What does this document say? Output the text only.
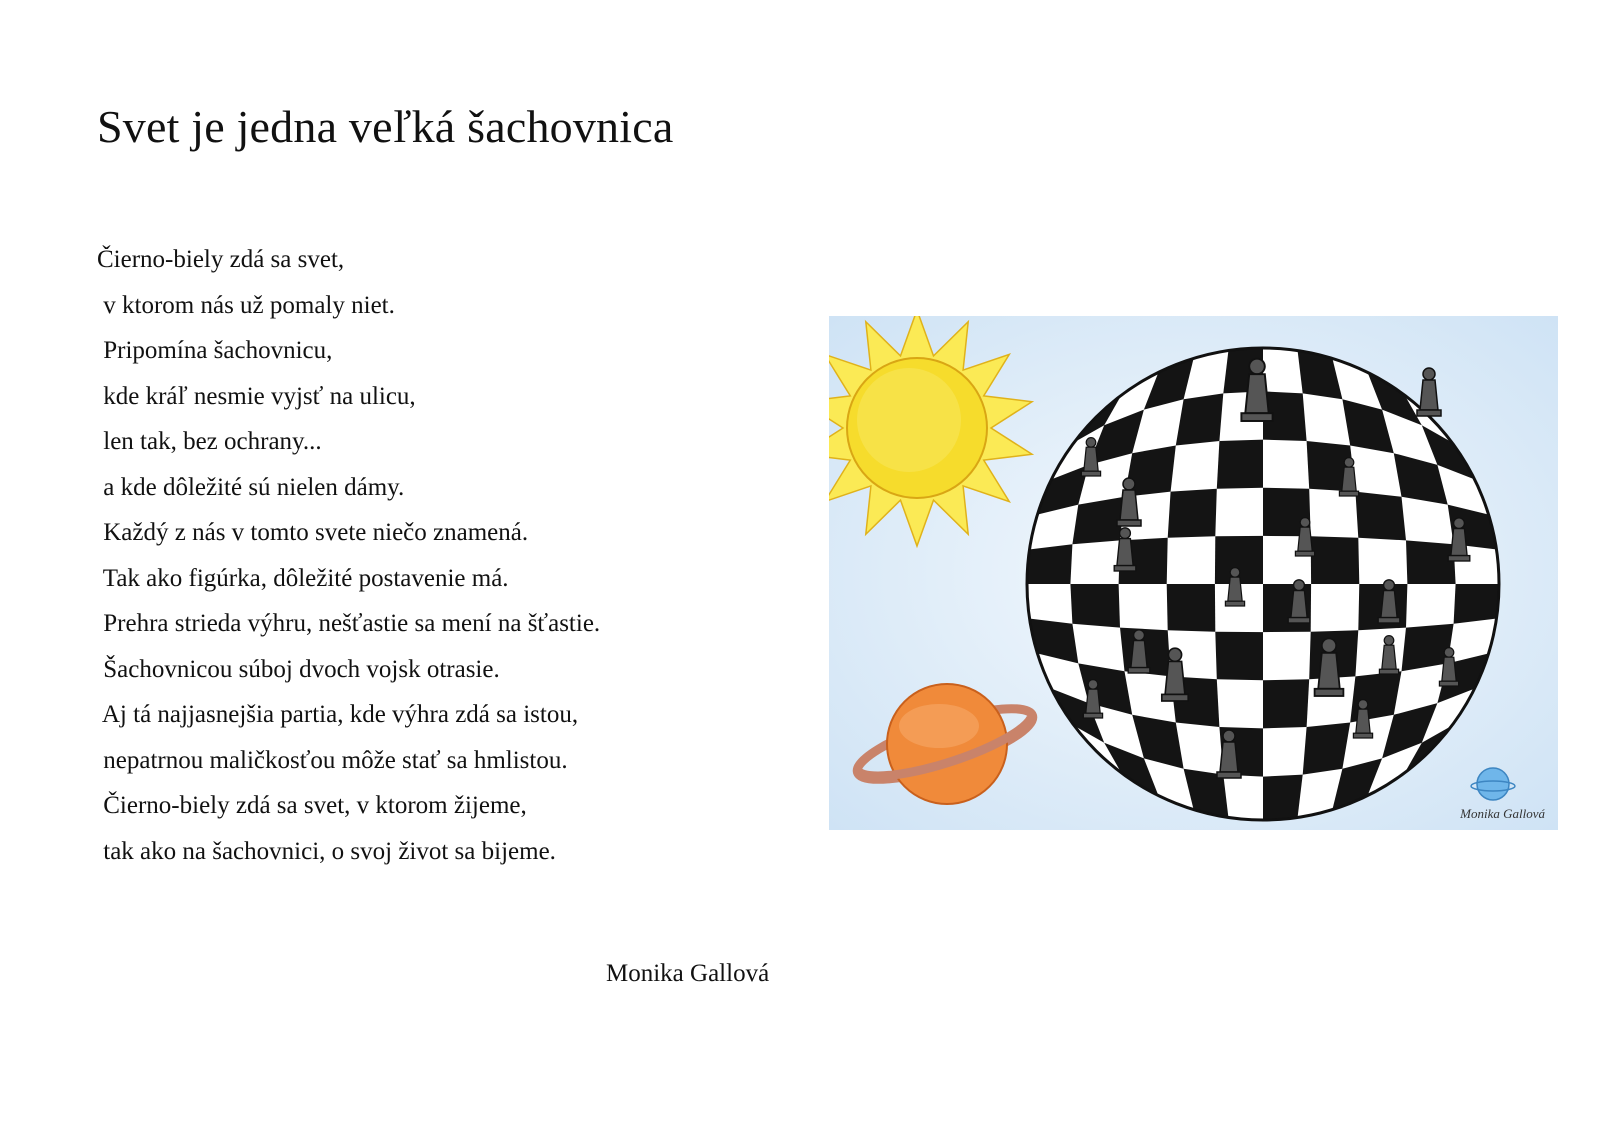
Svet je jedna veľká šachovnica
Čierno-biely zdá sa svet,
v ktorom nás už pomaly niet.
Pripomína šachovnicu,
kde kráľ nesmie vyjsť na ulicu,
len tak, bez ochrany...
a kde dôležité sú nielen dámy.
Každý z nás v tomto svete niečo znamená.
Tak ako figúrka, dôležité postavenie má.
Prehra strieda výhru, nešťastie sa mení na šťastie.
Šachovnicou súboj dvoch vojsk otrasie.
Aj tá najjasnejšia partia, kde výhra zdá sa istou,
nepatrnou maličkosťou môže stať sa hmlistou.
Čierno-biely zdá sa svet, v ktorom žijeme,
tak ako na šachovnici, o svoj život sa bijeme.
Monika Gallová
Monika Gallová
